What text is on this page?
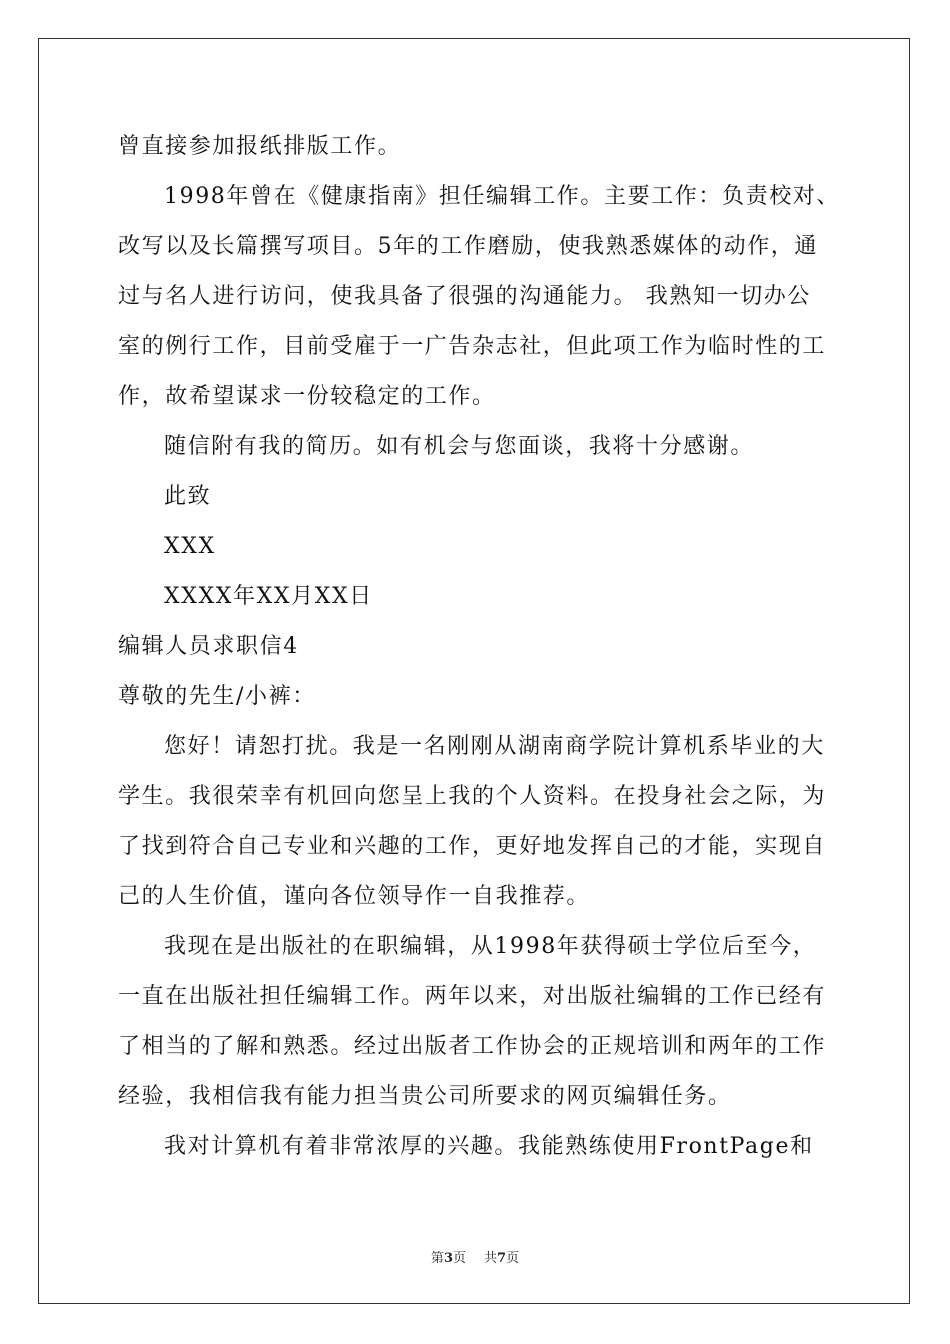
曾直接参加报纸排版工作。
1998年曾在《健康指南》担任编辑工作。主要工作：负责校对、
改写以及长篇撰写项目。5年的工作磨励，使我熟悉媒体的动作，通
过与名人进行访问，使我具备了很强的沟通能力。 我熟知一切办公
室的例行工作，目前受雇于一广告杂志社，但此项工作为临时性的工
作，故希望谋求一份较稳定的工作。
随信附有我的简历。如有机会与您面谈，我将十分感谢。
此致
XXX
XXXX年XX月XX日
编辑人员求职信4
尊敬的先生/小裤：
您好！请恕打扰。我是一名刚刚从湖南商学院计算机系毕业的大
学生。我很荣幸有机回向您呈上我的个人资料。在投身社会之际，为
了找到符合自己专业和兴趣的工作，更好地发挥自己的才能，实现自
己的人生价值，谨向各位领导作一自我推荐。
我现在是出版社的在职编辑，从1998年获得硕士学位后至今，
一直在出版社担任编辑工作。两年以来，对出版社编辑的工作已经有
了相当的了解和熟悉。经过出版者工作协会的正规培训和两年的工作
经验，我相信我有能力担当贵公司所要求的网页编辑任务。
我对计算机有着非常浓厚的兴趣。我能熟练使用FrontPage和
第3页 共7页
